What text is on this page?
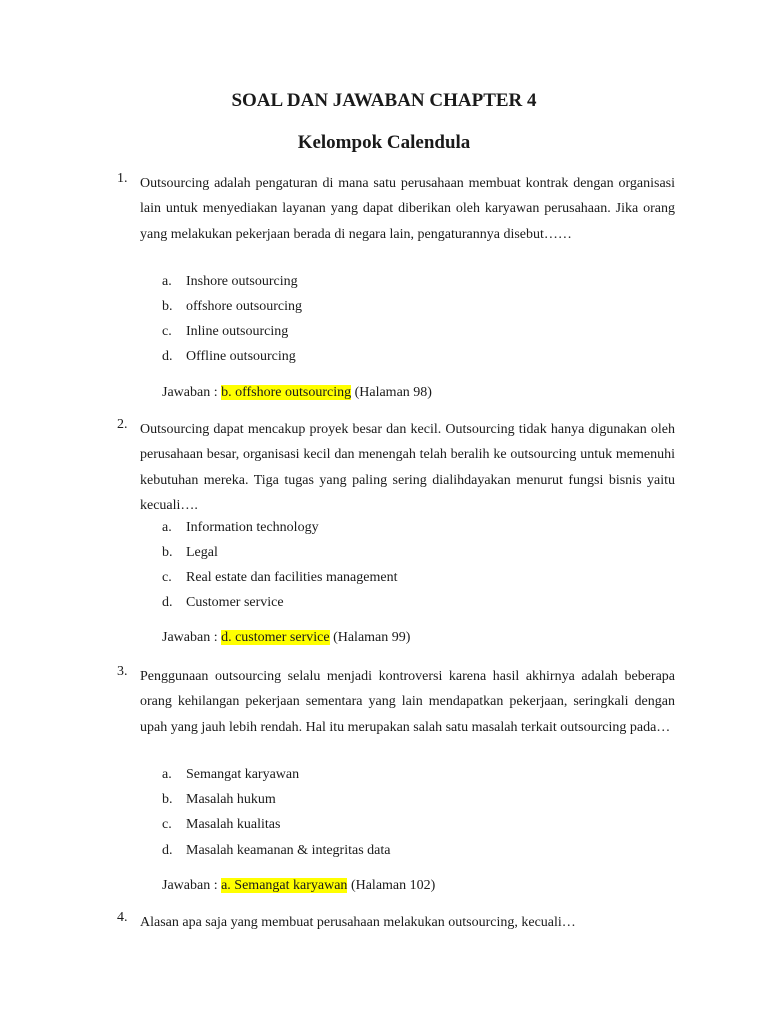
SOAL DAN JAWABAN CHAPTER 4
Kelompok Calendula
1. Outsourcing adalah pengaturan di mana satu perusahaan membuat kontrak dengan organisasi lain untuk menyediakan layanan yang dapat diberikan oleh karyawan perusahaan. Jika orang yang melakukan pekerjaan berada di negara lain, pengaturannya disebut……
a. Inshore outsourcing
b. offshore outsourcing
c. Inline outsourcing
d. Offline outsourcing
Jawaban : b. offshore outsourcing (Halaman 98)
2. Outsourcing dapat mencakup proyek besar dan kecil. Outsourcing tidak hanya digunakan oleh perusahaan besar, organisasi kecil dan menengah telah beralih ke outsourcing untuk memenuhi kebutuhan mereka. Tiga tugas yang paling sering dialihdayakan menurut fungsi bisnis yaitu kecuali….
a. Information technology
b. Legal
c. Real estate dan facilities management
d. Customer service
Jawaban : d. customer service (Halaman 99)
3. Penggunaan outsourcing selalu menjadi kontroversi karena hasil akhirnya adalah beberapa orang kehilangan pekerjaan sementara yang lain mendapatkan pekerjaan, seringkali dengan upah yang jauh lebih rendah. Hal itu merupakan salah satu masalah terkait outsourcing pada…
a. Semangat karyawan
b. Masalah hukum
c. Masalah kualitas
d. Masalah keamanan & integritas data
Jawaban : a. Semangat karyawan (Halaman 102)
4. Alasan apa saja yang membuat perusahaan melakukan outsourcing, kecuali…
